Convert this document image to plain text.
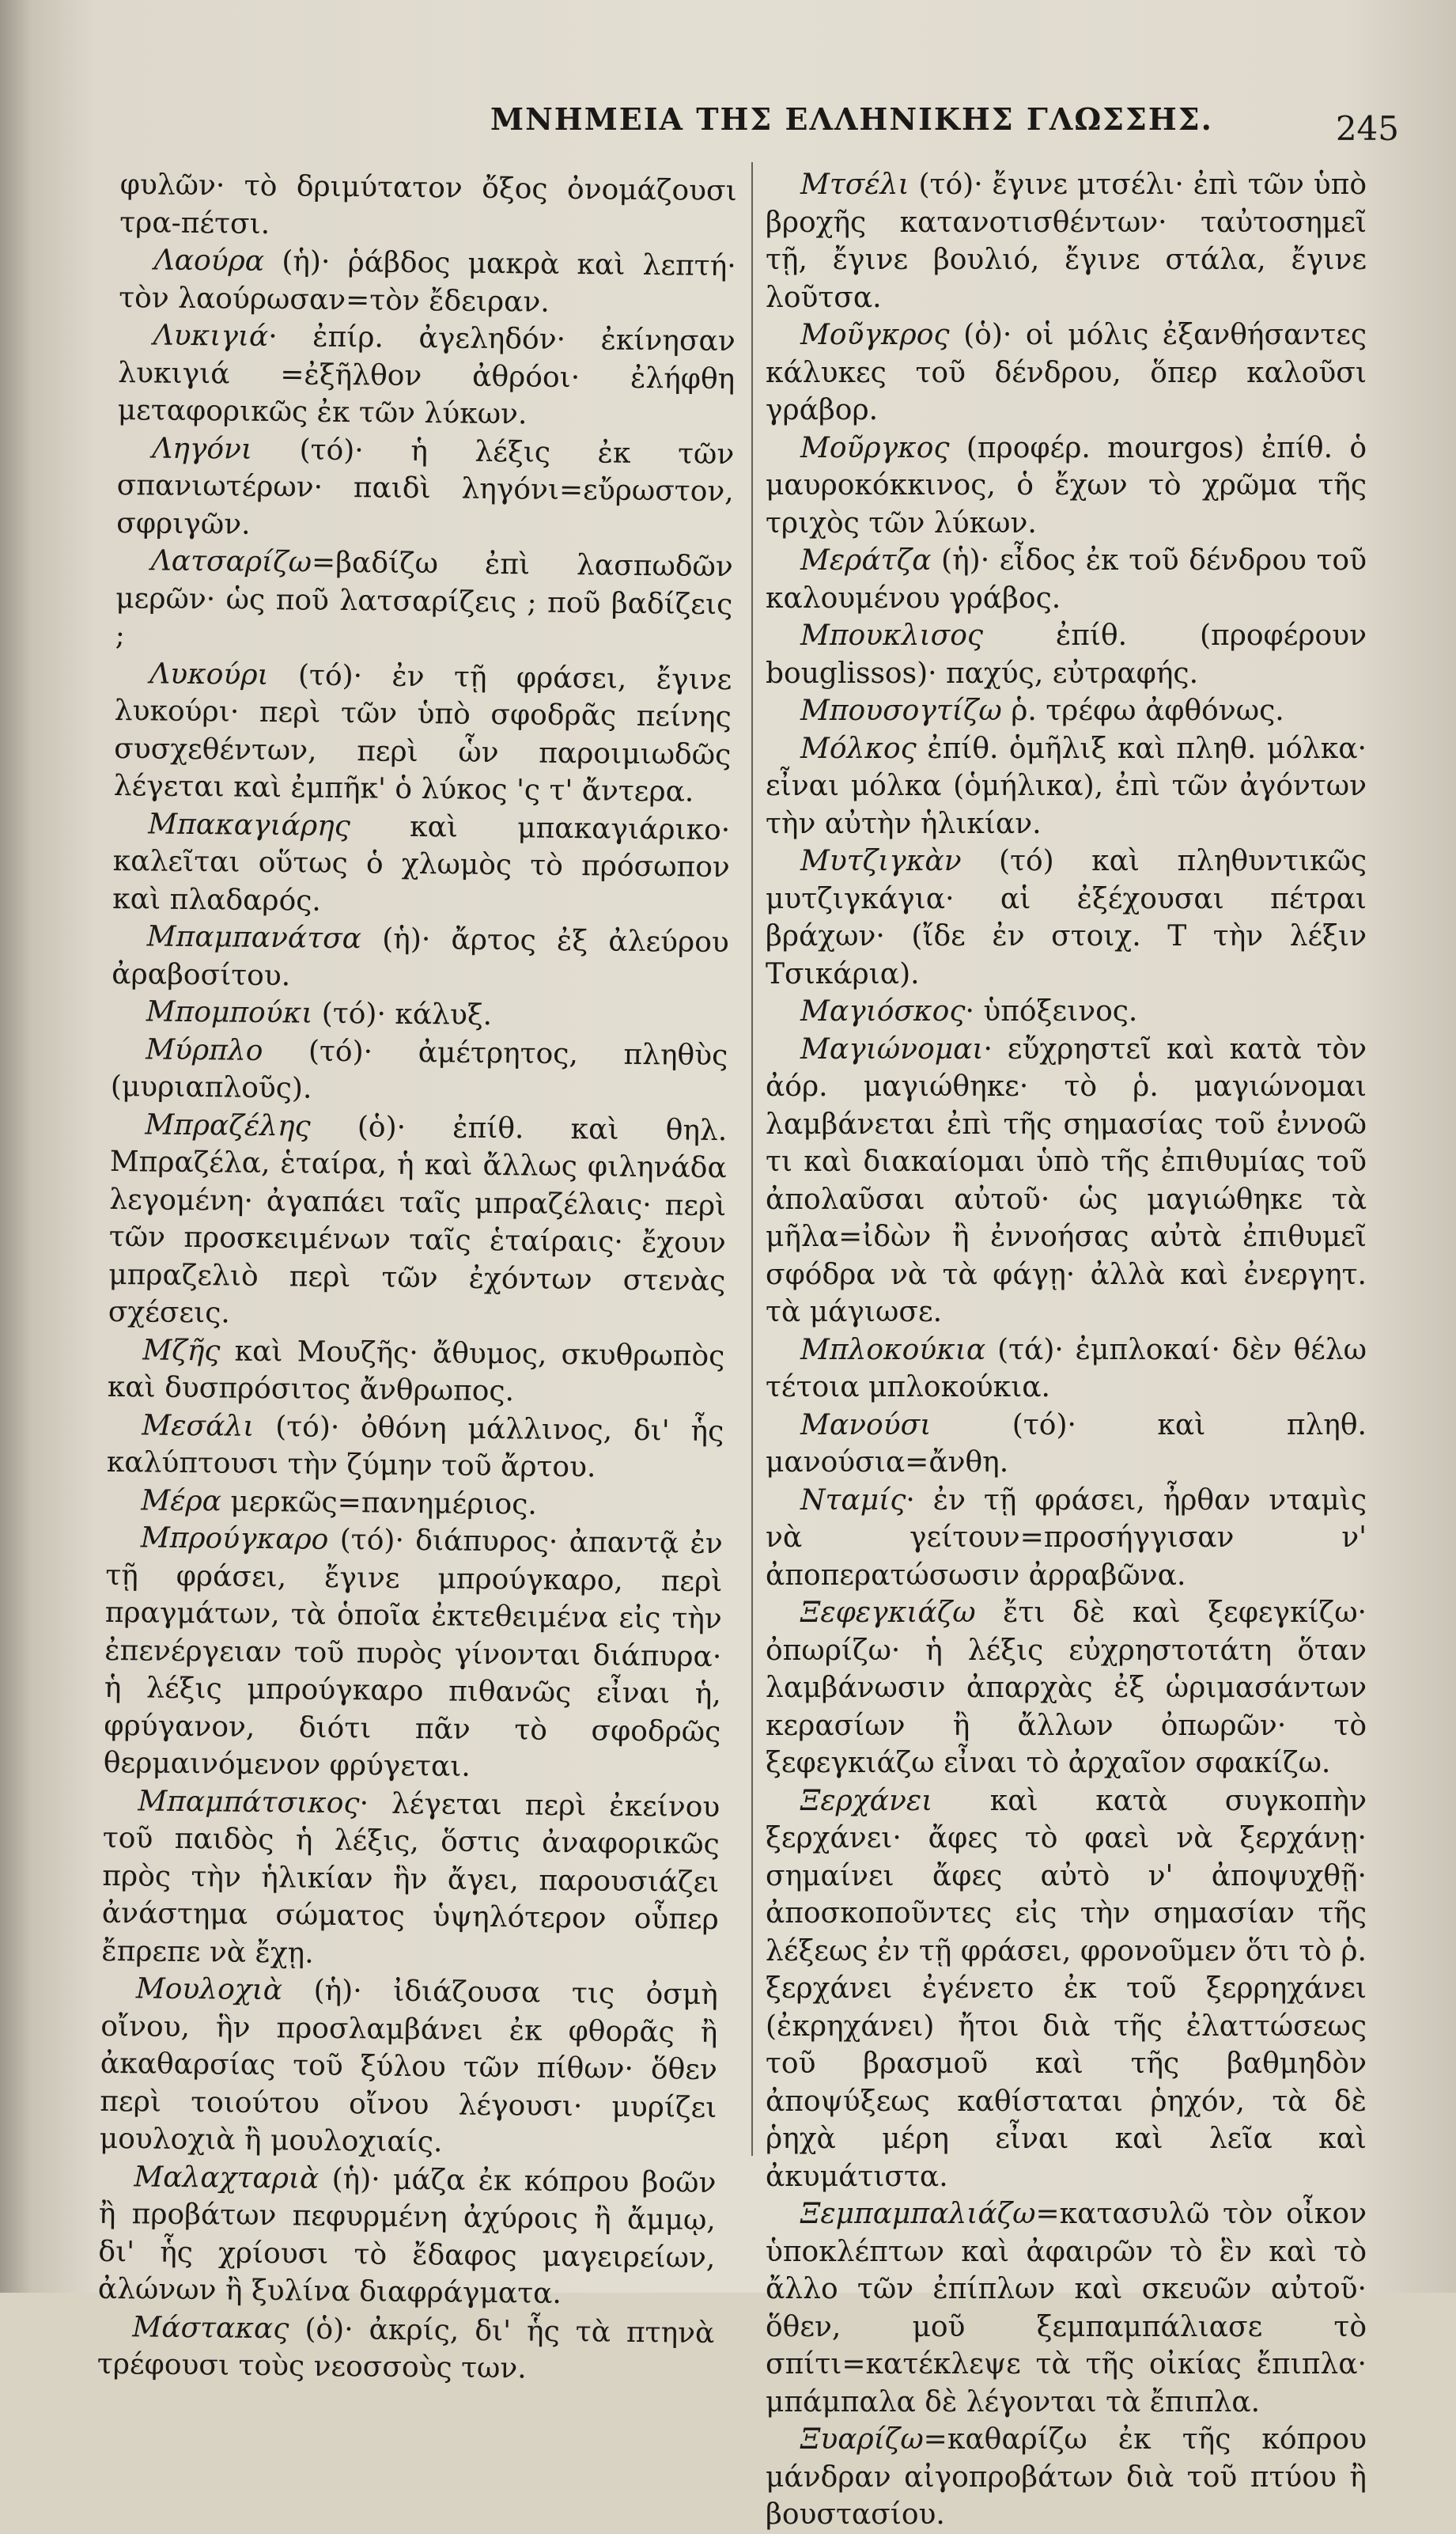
ΜΝΗΜΕΙΑ ΤΗΣ ΕΛΛΗΝΙΚΗΣ ΓΛΩΣΣΗΣ.	245

φυλῶν· τὸ δριμύτατον ὄξος ὀνομάζουσι τρα-πέτσι.

Λαούρα (ἡ)· ῥάβδος μακρὰ καὶ λεπτή· τὸν λαούρωσαν=τὸν ἔδειραν.

Λυκιγιά· ἐπίρ. ἀγεληδόν· ἐκίνησαν λυκιγιά =ἐξῆλθον ἀθρόοι· ἐλήφθη μεταφορικῶς ἐκ τῶν λύκων.

Ληγόνι (τό)· ἡ λέξις ἐκ τῶν σπανιωτέρων· παιδὶ ληγόνι=εὔρωστον, σφριγῶν.

Λατσαρίζω=βαδίζω ἐπὶ λασπωδῶν μερῶν· ὡς ποῦ λατσαρίζεις ; ποῦ βαδίζεις ;

Λυκούρι (τό)· ἐν τῇ φράσει, ἔγινε λυκούρι· περὶ τῶν ὑπὸ σφοδρᾶς πείνης συσχεθέντων, περὶ ὧν παροιμιωδῶς λέγεται καὶ ἐμπῆκ' ὁ λύκος 'ς τ' ἄντερα.

Μπακαγιάρης καὶ μπακαγιάρικο· καλεῖται οὕτως ὁ χλωμὸς τὸ πρόσωπον καὶ πλαδαρός.

Μπαμπανάτσα (ἡ)· ἄρτος ἐξ ἀλεύρου ἀραβοσίτου.

Μπομπούκι (τό)· κάλυξ.

Μύρπλο (τό)· ἀμέτρητος, πληθὺς (μυριαπλοῦς).

Μπραζέλης (ὁ)· ἐπίθ. καὶ θηλ. Μπραζέλα, ἑταίρα, ἡ καὶ ἄλλως φιληνάδα λεγομένη· ἀγαπάει ταῖς μπραζέλαις· περὶ τῶν προσκειμένων ταῖς ἑταίραις· ἔχουν μπραζελιὸ περὶ τῶν ἐχόντων στενὰς σχέσεις.

Μζῆς καὶ Μουζῆς· ἄθυμος, σκυθρωπὸς καὶ δυσπρόσιτος ἄνθρωπος.

Μεσάλι (τό)· ὀθόνη μάλλινος, δι' ἧς καλύπτουσι τὴν ζύμην τοῦ ἄρτου.

Μέρα μερκῶς=πανημέριος.

Μπρούγκαρο (τό)· διάπυρος· ἀπαντᾷ ἐν τῇ φράσει, ἔγινε μπρούγκαρο, περὶ πραγμάτων, τὰ ὁποῖα ἐκτεθειμένα εἰς τὴν ἐπενέργειαν τοῦ πυρὸς γίνονται διάπυρα· ἡ λέξις μπρούγκαρο πιθανῶς εἶναι ἡ, φρύγανον, διότι πᾶν τὸ σφοδρῶς θερμαινόμενον φρύγεται.

Μπαμπάτσικος· λέγεται περὶ ἐκείνου τοῦ παιδὸς ἡ λέξις, ὅστις ἀναφορικῶς πρὸς τὴν ἡλικίαν ἣν ἄγει, παρουσιάζει ἀνάστημα σώματος ὑψηλότερον οὗπερ ἔπρεπε νὰ ἔχῃ.

Μουλοχιὰ (ἡ)· ἰδιάζουσα τις ὀσμὴ οἴνου, ἣν προσλαμβάνει ἐκ φθορᾶς ἢ ἀκαθαρσίας τοῦ ξύλου τῶν πίθων· ὅθεν περὶ τοιούτου οἴνου λέγουσι· μυρίζει μουλοχιὰ ἢ μουλοχιαίς.

Μαλαχταριὰ (ἡ)· μάζα ἐκ κόπρου βοῶν ἢ προβάτων πεφυρμένη ἀχύροις ἢ ἄμμῳ, δι' ἧς χρίουσι τὸ ἔδαφος μαγειρείων, ἀλώνων ἢ ξυλίνα διαφράγματα.

Μάστακας (ὁ)· ἀκρίς, δι' ἧς τὰ πτηνὰ τρέφουσι τοὺς νεοσσοὺς των.

Μτσέλι (τό)· ἔγινε μτσέλι· ἐπὶ τῶν ὑπὸ βροχῆς κατανοτισθέντων· ταὐτοσημεῖ τῇ, ἔγινε βουλιό, ἔγινε στάλα, ἔγινε λοῦτσα.

Μοῦγκρος (ὁ)· οἱ μόλις ἐξανθήσαντες κάλυκες τοῦ δένδρου, ὅπερ καλοῦσι γράβορ.

Μοῦργκος (προφέρ. mourgos) ἐπίθ. ὁ μαυροκόκκινος, ὁ ἔχων τὸ χρῶμα τῆς τριχὸς τῶν λύκων.

Μεράτζα (ἡ)· εἶδος ἐκ τοῦ δένδρου τοῦ καλουμένου γράβος.

Μπουκλισος ἐπίθ. (προφέρουν bouglissos)· παχύς, εὐτραφής.

Μπουσογτίζω ῥ. τρέφω ἀφθόνως.

Μόλκος ἐπίθ. ὁμῆλιξ καὶ πληθ. μόλκα· εἶναι μόλκα (ὁμήλικα), ἐπὶ τῶν ἀγόντων τὴν αὐτὴν ἡλικίαν.

Μυτζιγκὰν (τό) καὶ πληθυντικῶς μυτζιγκάγια· αἱ ἐξέχουσαι πέτραι βράχων· (ἴδε ἐν στοιχ. Τ τὴν λέξιν Τσικάρια).

Μαγιόσκος· ὑπόξεινος.

Μαγιώνομαι· εὔχρηστεῖ καὶ κατὰ τὸν ἀόρ. μαγιώθηκε· τὸ ῥ. μαγιώνομαι λαμβάνεται ἐπὶ τῆς σημασίας τοῦ ἐννοῶ τι καὶ διακαίομαι ὑπὸ τῆς ἐπιθυμίας τοῦ ἀπολαῦσαι αὐτοῦ· ὡς μαγιώθηκε τὰ μῆλα=ἰδὼν ἢ ἐννοήσας αὐτὰ ἐπιθυμεῖ σφόδρα νὰ τὰ φάγῃ· ἀλλὰ καὶ ἐνεργητ. τὰ μάγιωσε.

Μπλοκούκια (τά)· ἐμπλοκαί· δὲν θέλω τέτοια μπλοκούκια.

Μανούσι (τό)· καὶ πληθ. μανούσια=ἄνθη.

Νταμίς· ἐν τῇ φράσει, ἦρθαν νταμὶς νὰ γείτουν=προσήγγισαν ν' ἀποπερατώσωσιν ἀρραβῶνα.

Ξεφεγκιάζω ἔτι δὲ καὶ ξεφεγκίζω· ὀπωρίζω· ἡ λέξις εὐχρηστοτάτη ὅταν λαμβάνωσιν ἀπαρχὰς ἐξ ὡριμασάντων κερασίων ἢ ἄλλων ὀπωρῶν· τὸ ξεφεγκιάζω εἶναι τὸ ἀρχαῖον σφακίζω.

Ξερχάνει καὶ κατὰ συγκοπὴν ξερχάνει· ἄφες τὸ φαεὶ νὰ ξερχάνῃ· σημαίνει ἄφες αὐτὸ ν' ἀποψυχθῇ· ἀποσκοποῦντες εἰς τὴν σημασίαν τῆς λέξεως ἐν τῇ φράσει, φρονοῦμεν ὅτι τὸ ῥ. ξερχάνει ἐγένετο ἐκ τοῦ ξερρηχάνει (ἐκρηχάνει) ἤτοι διὰ τῆς ἐλαττώσεως τοῦ βρασμοῦ καὶ τῆς βαθμηδὸν ἀποψύξεως καθίσταται ῥηχόν, τὰ δὲ ῥηχὰ μέρη εἶναι καὶ λεῖα καὶ ἀκυμάτιστα.

Ξεμπαμπαλιάζω=κατασυλῶ τὸν οἶκον ὑποκλέπτων καὶ ἀφαιρῶν τὸ ἓν καὶ τὸ ἄλλο τῶν ἐπίπλων καὶ σκευῶν αὐτοῦ· ὅθεν, μοῦ ξεμπαμπάλιασε τὸ σπίτι=κατέκλεψε τὰ τῆς οἰκίας ἔπιπλα· μπάμπαλα δὲ λέγονται τὰ ἔπιπλα.

Ξυαρίζω=καθαρίζω ἐκ τῆς κόπρου μάνδραν αἰγοπροβάτων διὰ τοῦ πτύου ἢ βουστασίου.
